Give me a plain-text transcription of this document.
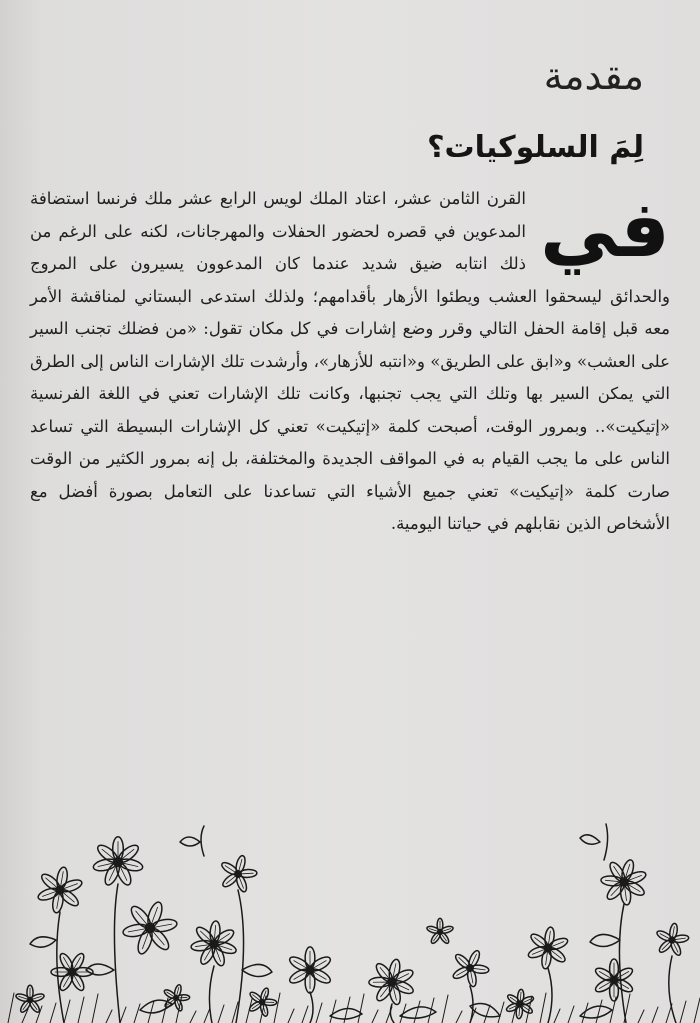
مقدمة
لِمَ السلوكيات؟
في
القرن الثامن عشر، اعتاد الملك لويس الرابع عشر ملك فرنسا استضافة المدعوين في قصره لحضور الحفلات والمهرجانات، لكنه على الرغم من ذلك انتابه ضيق شديد عندما كان المدعوون يسيرون على المروج والحدائق ليسحقوا العشب ويطئوا الأزهار بأقدامهم؛ ولذلك استدعى البستاني لمناقشة الأمر معه قبل إقامة الحفل التالي وقرر وضع إشارات في كل مكان تقول: «من فضلك تجنب السير على العشب» و«ابق على الطريق» و«انتبه للأزهار»، وأرشدت تلك الإشارات الناس إلى الطرق التي يمكن السير بها وتلك التي يجب تجنبها، وكانت تلك الإشارات تعني في اللغة الفرنسية «إتيكيت».. وبمرور الوقت، أصبحت كلمة «إتيكيت» تعني كل الإشارات البسيطة التي تساعد الناس على ما يجب القيام به في المواقف الجديدة والمختلفة، بل إنه بمرور الكثير من الوقت صارت كلمة «إتيكيت» تعني جميع الأشياء التي تساعدنا على التعامل بصورة أفضل مع الأشخاص الذين نقابلهم في حياتنا اليومية.
